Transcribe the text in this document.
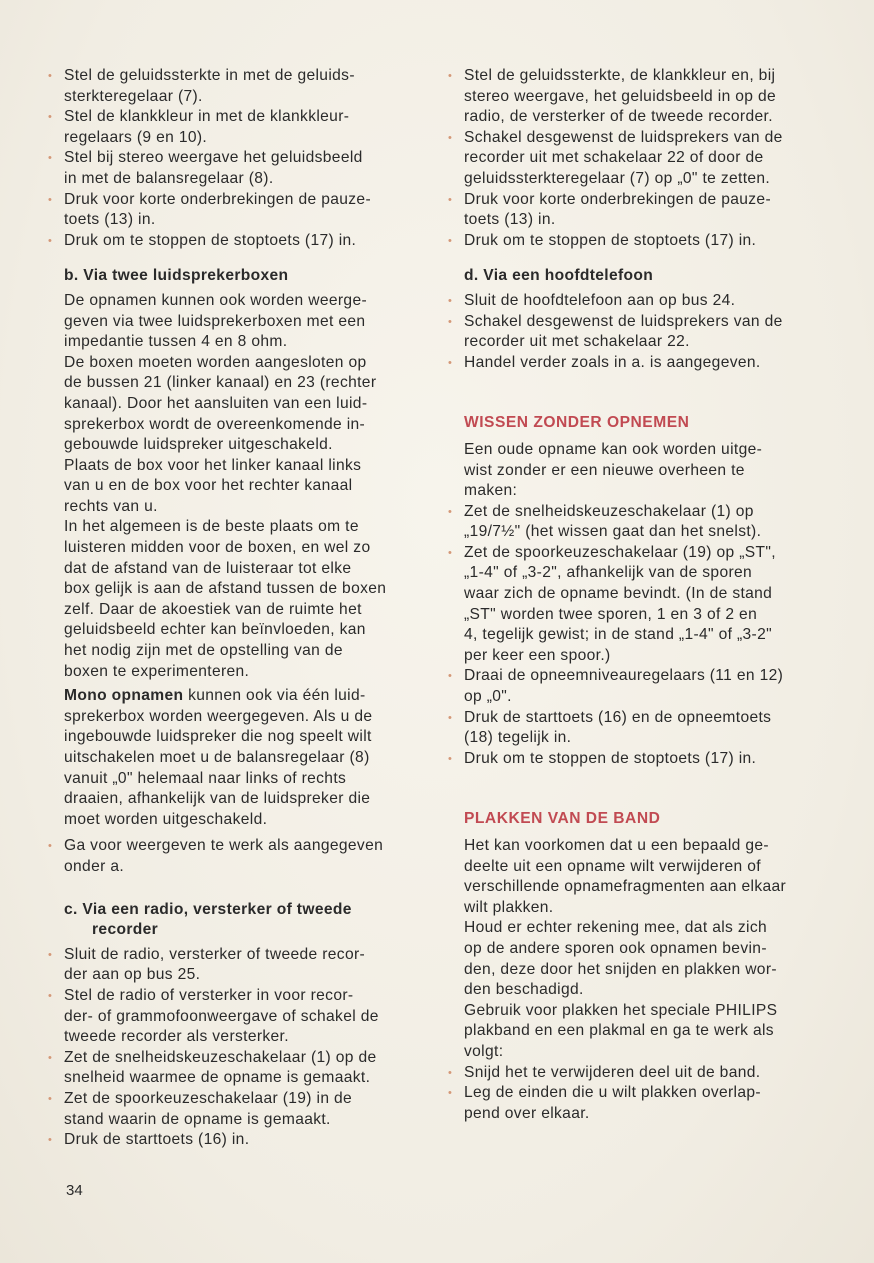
• Stel de geluidssterkte in met de geluids-
sterkteregelaar (7).

• Stel de klankkleur in met de klankkleur-
regelaars (9 en 10).

• Stel bij stereo weergave het geluidsbeeld
in met de balansregelaar (8).

• Druk voor korte onderbrekingen de pauze-
toets (13) in.

• Druk om te stoppen de stoptoets (17) in.

b. Via twee luidsprekerboxen

De opnamen kunnen ook worden weerge-
geven via twee luidsprekerboxen met een
impedantie tussen 4 en 8 ohm.

De boxen moeten worden aangesloten op
de bussen 21 (linker kanaal) en 23 (rechter
kanaal). Door het aansluiten van een luid-
sprekerbox wordt de overeenkomende in-
gebouwde luidspreker uitgeschakeld.

Plaats de box voor het linker kanaal links
van u en de box voor het rechter kanaal
rechts van u.

In het algemeen is de beste plaats om te
luisteren midden voor de boxen, en wel zo
dat de afstand van de luisteraar tot elke
box gelijk is aan de afstand tussen de boxen
zelf. Daar de akoestiek van de ruimte het
geluidsbeeld echter kan beïnvloeden, kan
het nodig zijn met de opstelling van de
boxen te experimenteren.

Mono opnamen kunnen ook via één luid-
sprekerbox worden weergegeven. Als u de
ingebouwde luidspreker die nog speelt wilt
uitschakelen moet u de balansregelaar (8)
vanuit „0" helemaal naar links of rechts
draaien, afhankelijk van de luidspreker die
moet worden uitgeschakeld.

• Ga voor weergeven te werk als aangegeven
onder a.

c. Via een radio, versterker of tweede
recorder

• Sluit de radio, versterker of tweede recor-
der aan op bus 25.

• Stel de radio of versterker in voor recor-
der- of grammofoonweergave of schakel de
tweede recorder als versterker.

• Zet de snelheidskeuzeschakelaar (1) op de
snelheid waarmee de opname is gemaakt.

• Zet de spoorkeuzeschakelaar (19) in de
stand waarin de opname is gemaakt.

• Druk de starttoets (16) in.

• Stel de geluidssterkte, de klankkleur en, bij
stereo weergave, het geluidsbeeld in op de
radio, de versterker of de tweede recorder.

• Schakel desgewenst de luidsprekers van de
recorder uit met schakelaar 22 of door de
geluidssterkteregelaar (7) op „0" te zetten.

• Druk voor korte onderbrekingen de pauze-
toets (13) in.

• Druk om te stoppen de stoptoets (17) in.

d. Via een hoofdtelefoon

• Sluit de hoofdtelefoon aan op bus 24.

• Schakel desgewenst de luidsprekers van de
recorder uit met schakelaar 22.

• Handel verder zoals in a. is aangegeven.

WISSEN ZONDER OPNEMEN

Een oude opname kan ook worden uitge-
wist zonder er een nieuwe overheen te
maken:

• Zet de snelheidskeuzeschakelaar (1) op
„19/7½" (het wissen gaat dan het snelst).

• Zet de spoorkeuzeschakelaar (19) op „ST",
„1-4" of „3-2", afhankelijk van de sporen
waar zich de opname bevindt. (In de stand
„ST" worden twee sporen, 1 en 3 of 2 en
4, tegelijk gewist; in de stand „1-4" of „3-2"
per keer een spoor.)

• Draai de opneemniveauregelaars (11 en 12)
op „0".

• Druk de starttoets (16) en de opneemtoets
(18) tegelijk in.

• Druk om te stoppen de stoptoets (17) in.

PLAKKEN VAN DE BAND

Het kan voorkomen dat u een bepaald ge-
deelte uit een opname wilt verwijderen of
verschillende opnamefragmenten aan elkaar
wilt plakken.

Houd er echter rekening mee, dat als zich
op de andere sporen ook opnamen bevin-
den, deze door het snijden en plakken wor-
den beschadigd.

Gebruik voor plakken het speciale PHILIPS
plakband en een plakmal en ga te werk als
volgt:

• Snijd het te verwijderen deel uit de band.

• Leg de einden die u wilt plakken overlap-
pend over elkaar.

34
